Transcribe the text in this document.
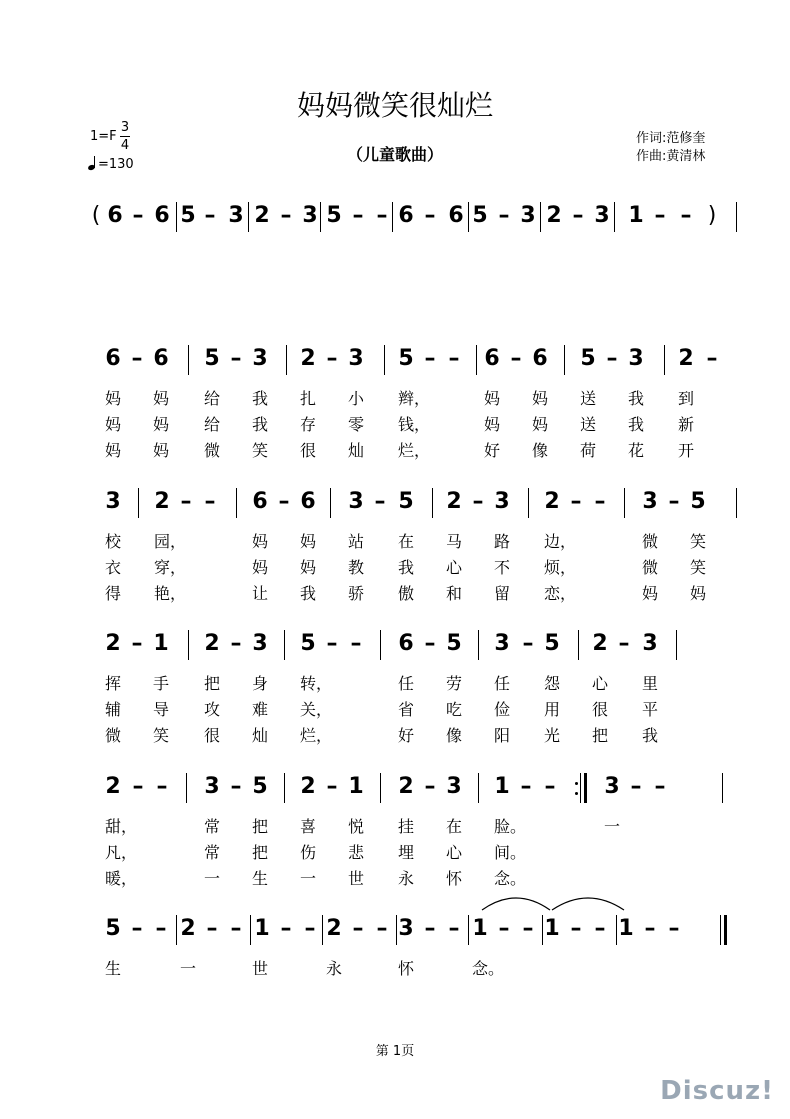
妈妈微笑很灿烂
（儿童歌曲）
1=F
3
4
=130
作词:范修奎
作曲:黄清林
( 6 – 6 5 – 3 2 – 3 5 – – 6 – 6 5 – 3 2 – 3 1 – – )
6 – 6 5 – 3 2 – 3 5 – – 6 – 6 5 – 3 2 –
妈 妈 给 我 扎 小 辫，	妈 妈 送 我 到
妈 妈 给 我 存 零 钱，	妈 妈 送 我 新
妈 妈 微 笑 很 灿 烂，	好 像 荷 花 开
3 2 – – 6 – 6 3 – 5 2 – 3 2 – – 3 – 5
校 园，	妈 妈 站 在 马 路 边，	微 笑
衣 穿，	妈 妈 教 我 心 不 烦，	微 笑
得 艳，	让 我 骄 傲 和 留 恋，	妈 妈
2 – 1 2 – 3 5 – – 6 – 5 3 – 5 2 – 3
挥 手 把 身 转，	任 劳 任 怨 心 里
辅 导 攻 难 关，	省 吃 俭 用 很 平
微 笑 很 灿 烂，	好 像 阳 光 把 我
2 – – 3 – 5 2 – 1 2 – 3 1 – – 3 – –
甜，	常 把 喜 悦 挂 在 脸。	一
凡，	常 把 伤 悲 埋 心 间。
暖，	一 生 一 世 永 怀 念。
5 – – 2 – – 1 – – 2 – – 3 – – 1 – – 1 – – 1 – –
生	一	世	永	怀	念。
第 1页
Discuz!
